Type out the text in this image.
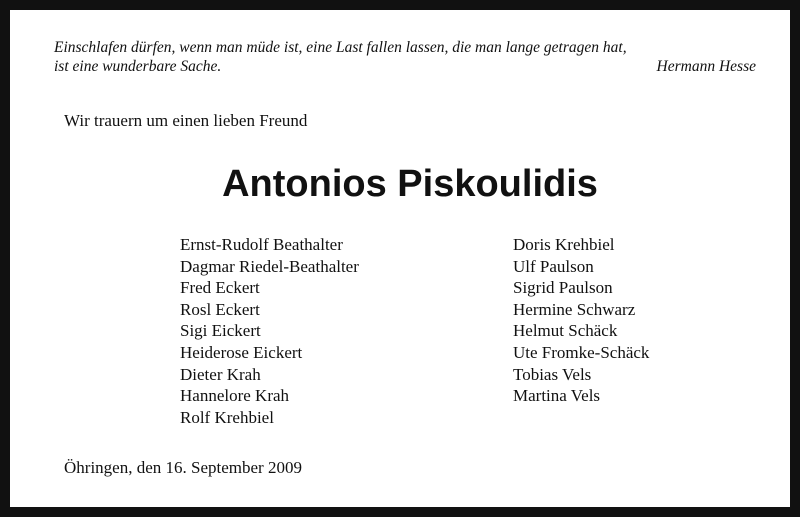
Einschlafen dürfen, wenn man müde ist, eine Last fallen lassen, die man lange getragen hat,
ist eine wunderbare Sache.	Hermann Hesse
Wir trauern um einen lieben Freund
Antonios Piskoulidis
Ernst-Rudolf Beathalter
Dagmar Riedel-Beathalter
Fred Eckert
Rosl Eckert
Sigi Eickert
Heiderose Eickert
Dieter Krah
Hannelore Krah
Rolf Krehbiel
Doris Krehbiel
Ulf Paulson
Sigrid Paulson
Hermine Schwarz
Helmut Schäck
Ute Fromke-Schäck
Tobias Vels
Martina Vels
Öhringen, den 16. September 2009
